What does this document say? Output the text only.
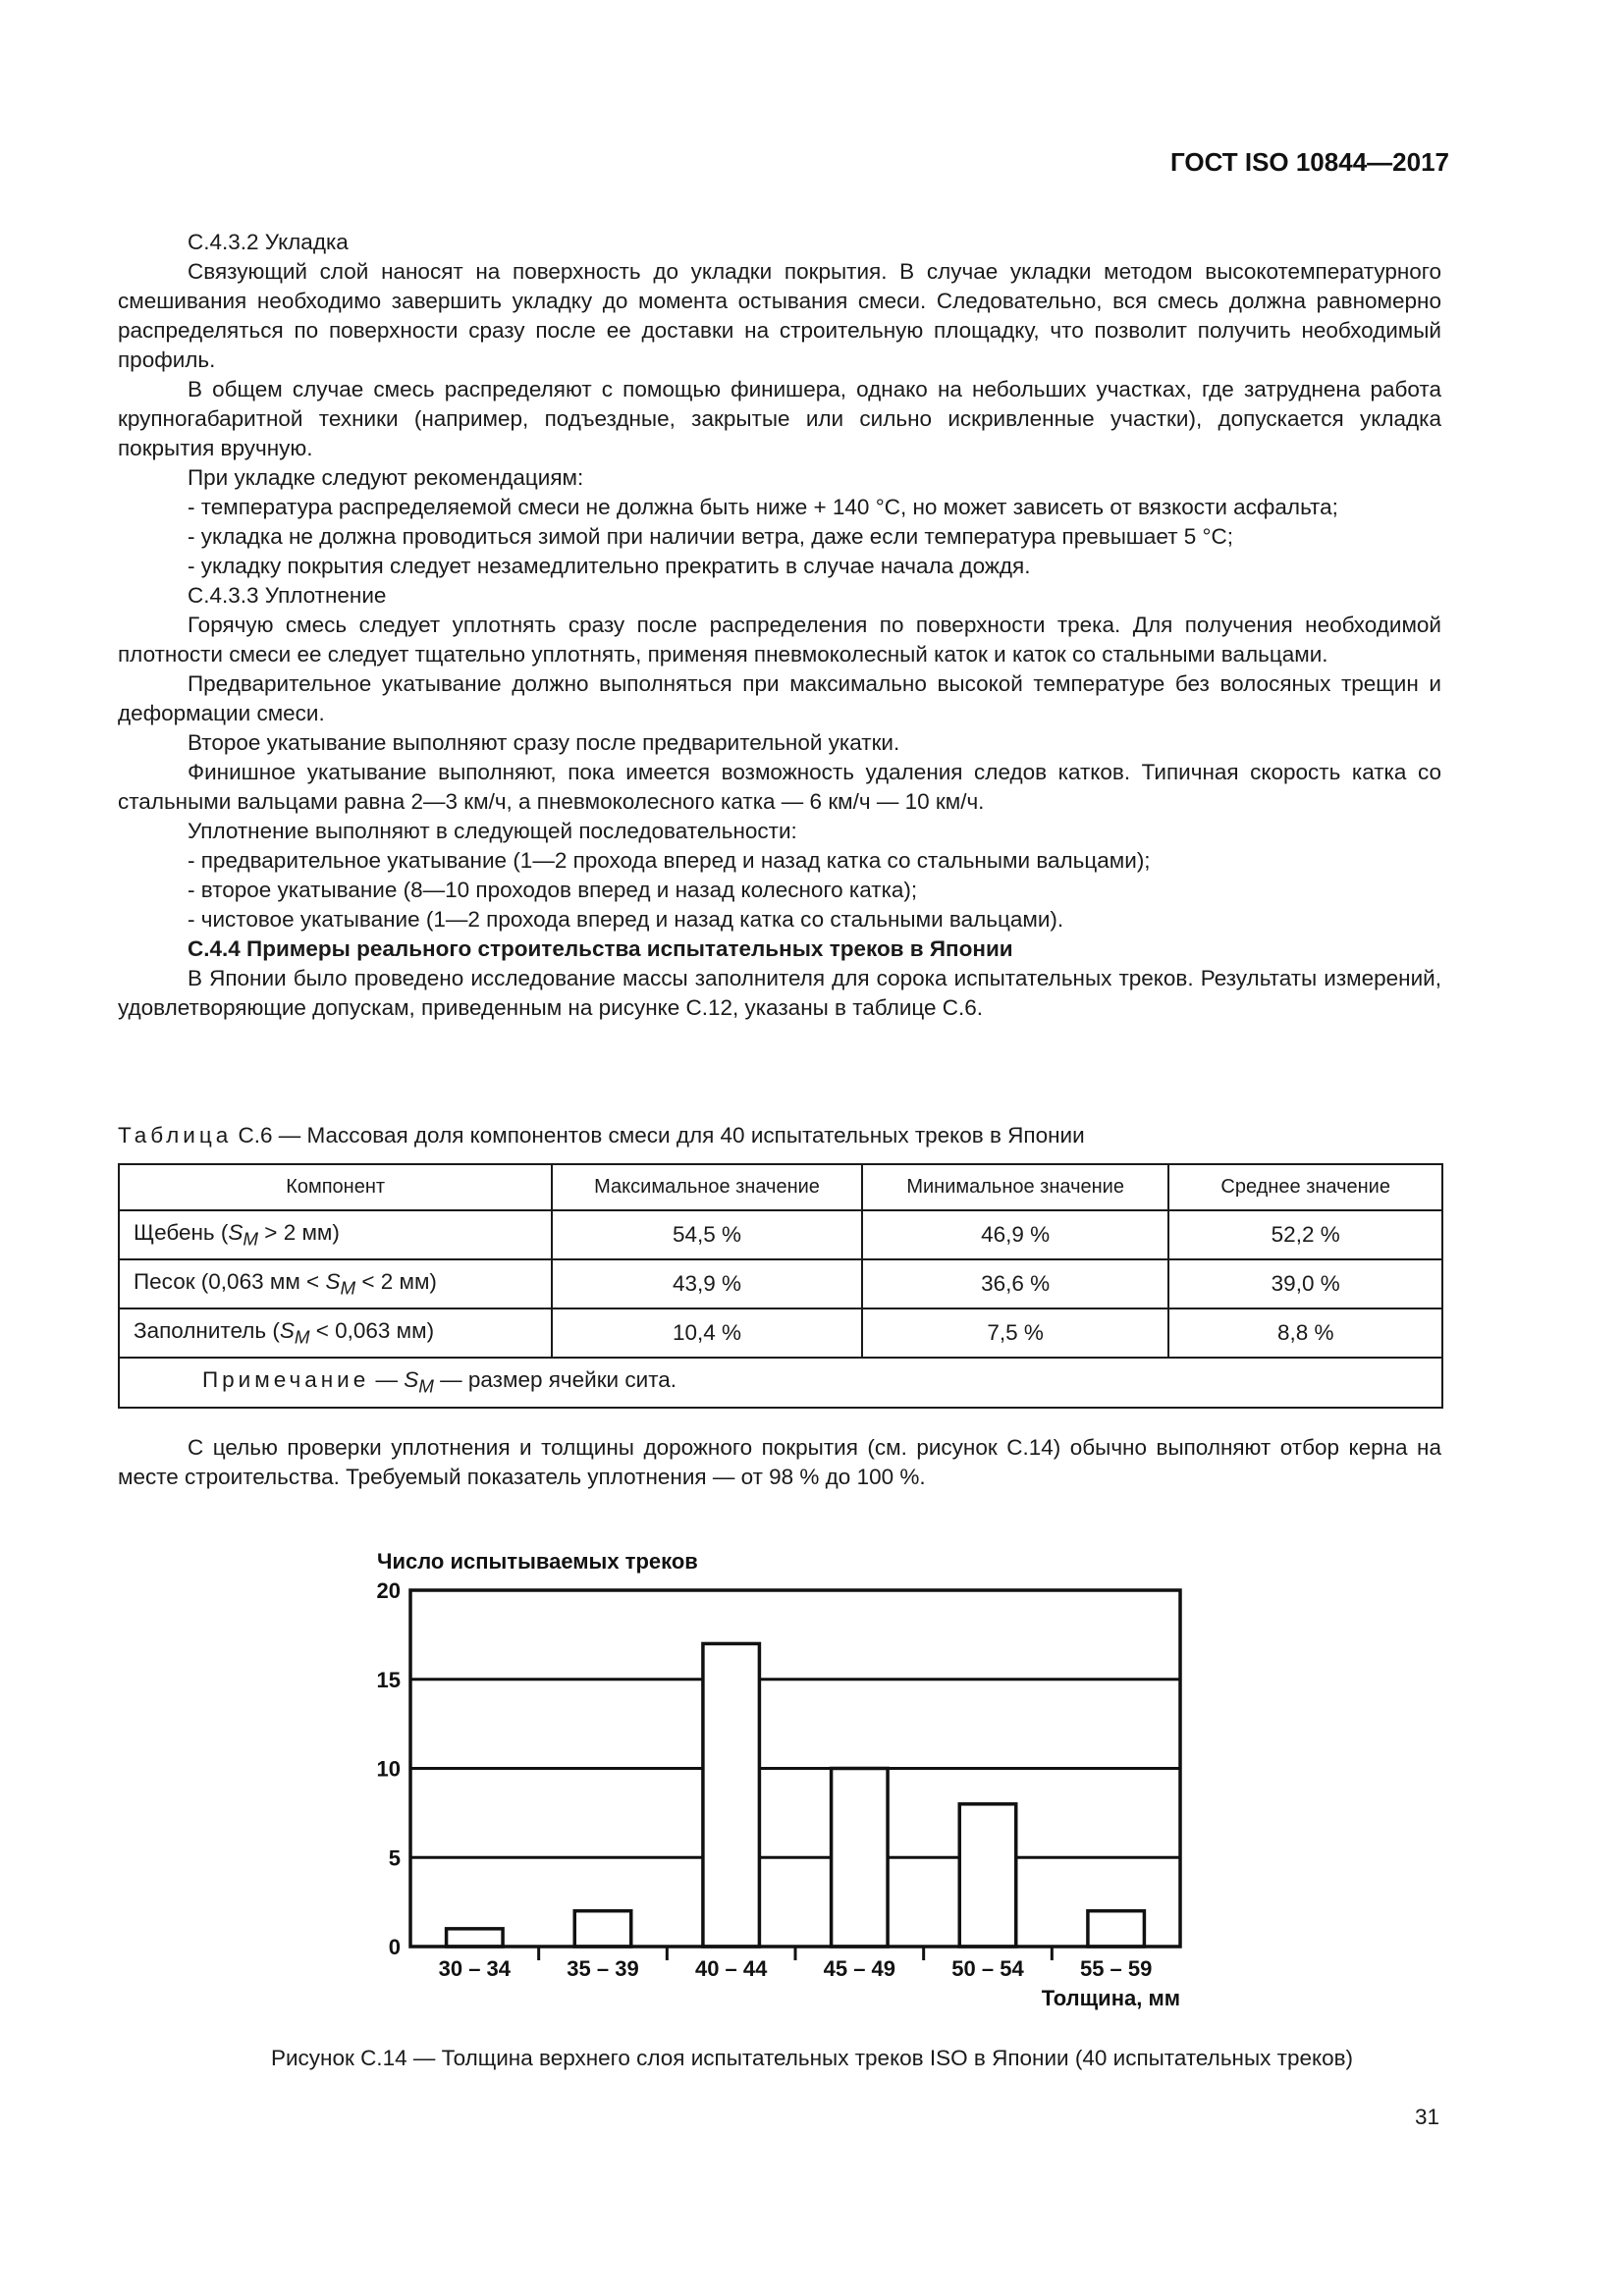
ГОСТ ISO 10844—2017

С.4.3.2 Укладка

Связующий слой наносят на поверхность до укладки покрытия. В случае укладки методом высокотемпературного смешивания необходимо завершить укладку до момента остывания смеси. Следовательно, вся смесь должна равномерно распределяться по поверхности сразу после ее доставки на строительную площадку, что позволит получить необходимый профиль.

В общем случае смесь распределяют с помощью финишера, однако на небольших участках, где затруднена работа крупногабаритной техники (например, подъездные, закрытые или сильно искривленные участки), допускается укладка покрытия вручную.

При укладке следуют рекомендациям:

- температура распределяемой смеси не должна быть ниже + 140 °С, но может зависеть от вязкости асфальта;

- укладка не должна проводиться зимой при наличии ветра, даже если температура превышает 5 °С;

- укладку покрытия следует незамедлительно прекратить в случае начала дождя.

С.4.3.3 Уплотнение

Горячую смесь следует уплотнять сразу после распределения по поверхности трека. Для получения необходимой плотности смеси ее следует тщательно уплотнять, применяя пневмоколесный каток и каток со стальными вальцами.

Предварительное укатывание должно выполняться при максимально высокой температуре без волосяных трещин и деформации смеси.

Второе укатывание выполняют сразу после предварительной укатки.

Финишное укатывание выполняют, пока имеется возможность удаления следов катков. Типичная скорость катка со стальными вальцами равна 2—3 км/ч, а пневмоколесного катка — 6 км/ч — 10 км/ч.

Уплотнение выполняют в следующей последовательности:

- предварительное укатывание (1—2 прохода вперед и назад катка со стальными вальцами);

- второе укатывание (8—10 проходов вперед и назад колесного катка);

- чистовое укатывание (1—2 прохода вперед и назад катка со стальными вальцами).

С.4.4 Примеры реального строительства испытательных треков в Японии

В Японии было проведено исследование массы заполнителя для сорока испытательных треков. Результаты измерений, удовлетворяющие допускам, приведенным на рисунке С.12, указаны в таблице С.6.

Таблица С.6 — Массовая доля компонентов смеси для 40 испытательных треков в Японии
Компонент	Максимальное значение	Минимальное значение	Среднее значение
Щебень ($S_M > 2$ мм)	54,5 %	46,9 %	52,2 %
Песок (0,063 мм < $S_M < 2$ мм)	43,9 %	36,6 %	39,0 %
Заполнитель ($S_M < 0,063$ мм)	10,4 %	7,5 %	8,8 %
Примечание — $S_M$ — размер ячейки сита.			

С целью проверки уплотнения и толщины дорожного покрытия (см. рисунок С.14) обычно выполняют отбор керна на месте строительства. Требуемый показатель уплотнения — от 98 % до 100 %.

0
5
10
15
20
30 – 34	35 – 39	40 – 44	45 – 49	50 – 54	55 – 59
Число испытываемых треков
Толщина, мм
Рисунок С.14 — Толщина верхнего слоя испытательных треков ISO в Японии (40 испытательных треков)
31
